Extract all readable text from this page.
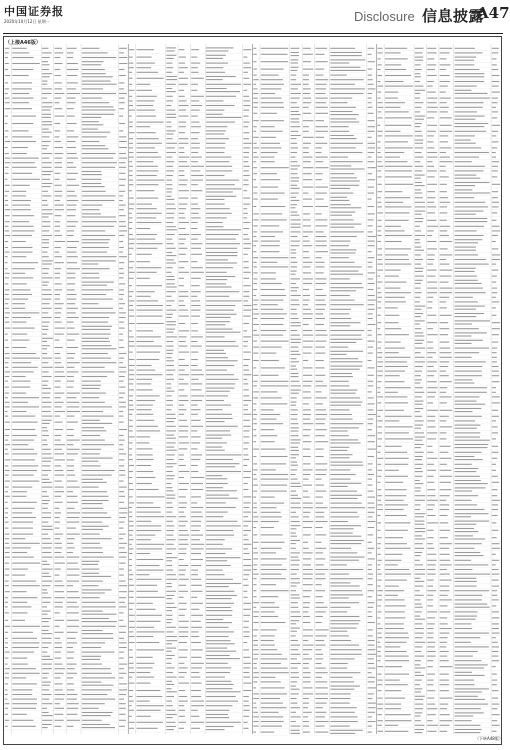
中国证券报
2020年10月12日 星期一	Disclosure 信息披露
A47
（上接A46版）
（下转A48版）
